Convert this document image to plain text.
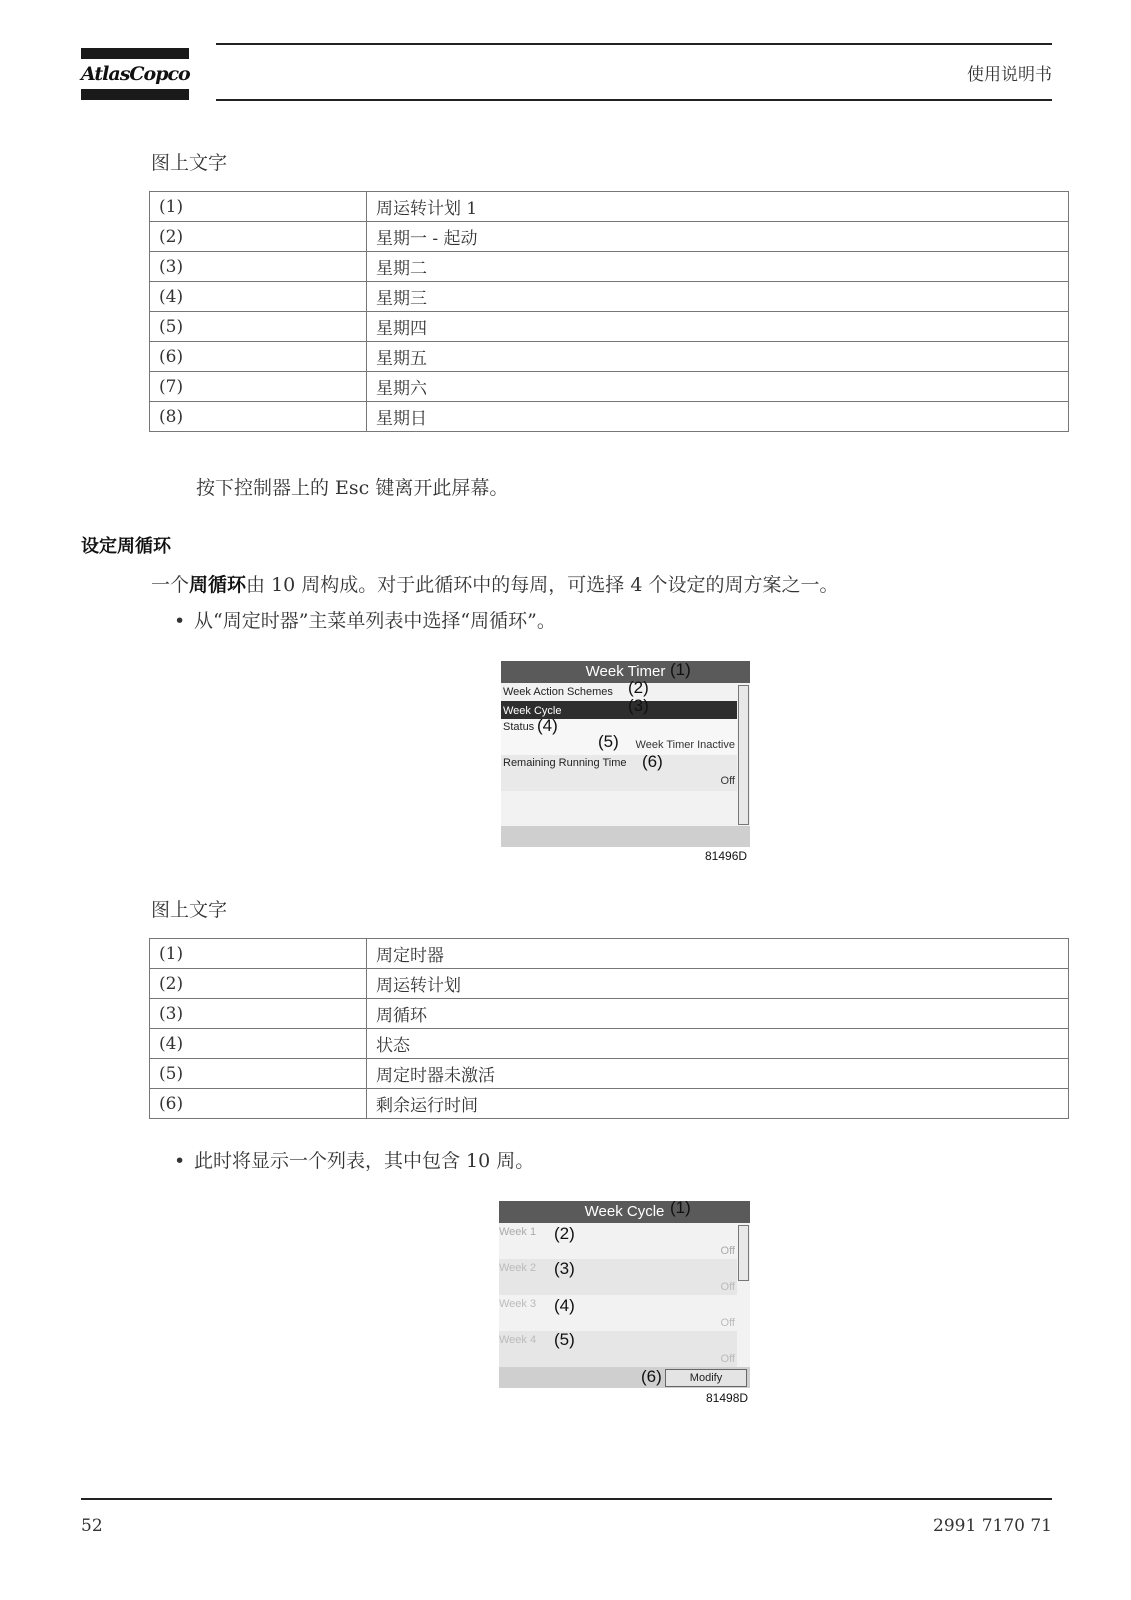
AtlasCopco	使用说明书
图上文字
(1)	周运转计划 1
(2)	星期一 - 起动
(3)	星期二
(4)	星期三
(5)	星期四
(6)	星期五
(7)	星期六
(8)	星期日
按下控制器上的 Esc 键离开此屏幕。
设定周循环
一个周循环由 10 周构成。对于此循环中的每周，可选择 4 个设定的周方案之一。
• 从“周定时器”主菜单列表中选择“周循环”。
Week Timer
Week Action Schemes
Week Cycle
Status
Week Timer Inactive
Remaining Running Time
Off
(1)
(2)
(3)
(4)
(5)
(6)
81496D
图上文字
(1)	周定时器
(2)	周运转计划
(3)	周循环
(4)	状态
(5)	周定时器未激活
(6)	剩余运行时间
• 此时将显示一个列表，其中包含 10 周。
Week Cycle
Week 1
Off
Week 2
Off
Week 3
Off
Week 4
Off
Modify
(1)
(2)
(3)
(4)
(5)
(6)
81498D
52	2991 7170 71
